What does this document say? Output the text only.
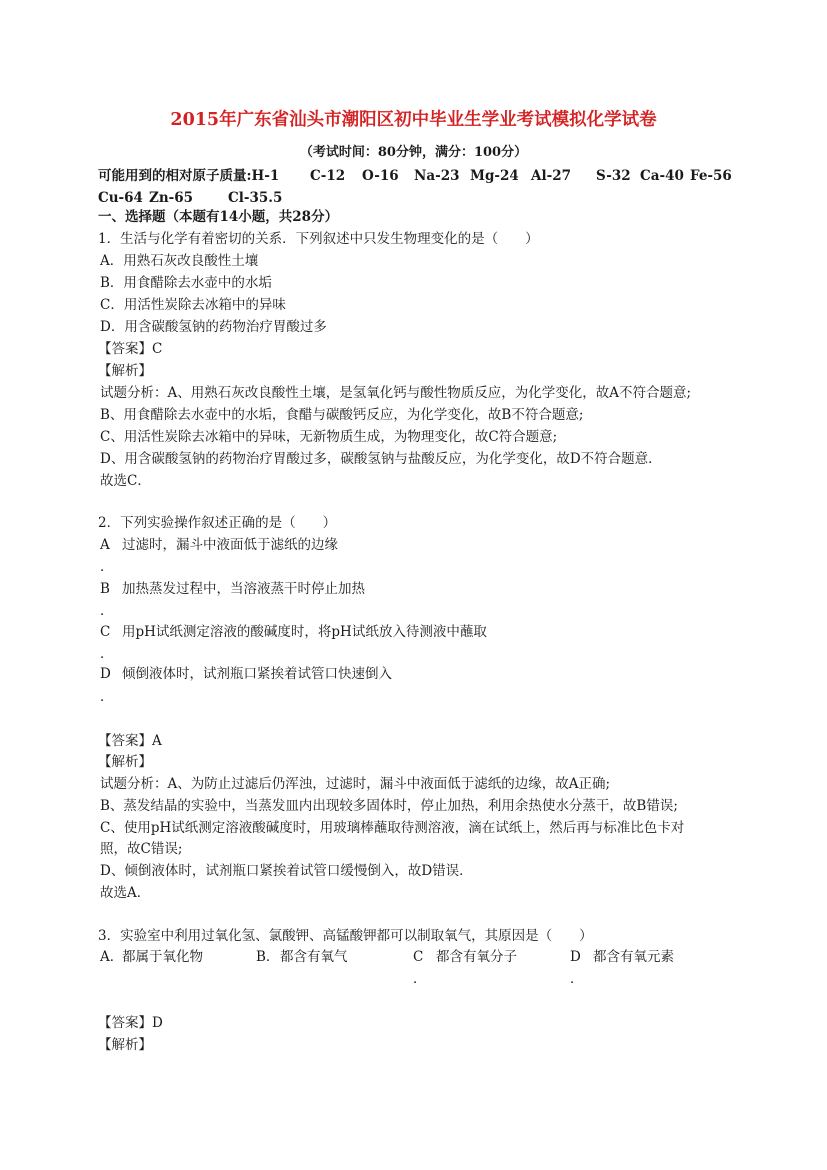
2015年广东省汕头市潮阳区初中毕业生学业考试模拟化学试卷
（考试时间：80分钟，满分：100分）
可能用到的相对原子质量:H-1 C-12 O-16 Na-23 Mg-24 Al-27 S-32 Ca-40 Fe-56
Cu-64 Zn-65	Cl-35.5
一、选择题（本题有14小题，共28分）
1．生活与化学有着密切的关系．下列叙述中只发生物理变化的是（　　）
A．用熟石灰改良酸性土壤
B．用食醋除去水壶中的水垢
C．用活性炭除去冰箱中的异味
D．用含碳酸氢钠的药物治疗胃酸过多
【答案】C
【解析】
试题分析：A、用熟石灰改良酸性土壤，是氢氧化钙与酸性物质反应，为化学变化，故A不符合题意;
B、用食醋除去水壶中的水垢，食醋与碳酸钙反应，为化学变化，故B不符合题意;
C、用活性炭除去冰箱中的异味，无新物质生成，为物理变化，故C符合题意;
D、用含碳酸氢钠的药物治疗胃酸过多，碳酸氢钠与盐酸反应，为化学变化，故D不符合题意．
故选C．
2．下列实验操作叙述正确的是（　　）
A 过滤时，漏斗中液面低于滤纸的边缘
．
B 加热蒸发过程中，当溶液蒸干时停止加热
．
C 用pH试纸测定溶液的酸碱度时，将pH试纸放入待测液中蘸取
．
D 倾倒液体时，试剂瓶口紧挨着试管口快速倒入
．
【答案】A
【解析】
试题分析：A、为防止过滤后仍浑浊，过滤时，漏斗中液面低于滤纸的边缘，故A正确;
B、蒸发结晶的实验中，当蒸发皿内出现较多固体时，停止加热，利用余热使水分蒸干，故B错误;
C、使用pH试纸测定溶液酸碱度时，用玻璃棒蘸取待测溶液，滴在试纸上，然后再与标准比色卡对
照，故C错误;
D、倾倒液体时，试剂瓶口紧挨着试管口缓慢倒入，故D错误．
故选A．
3．实验室中利用过氧化氢、氯酸钾、高锰酸钾都可以制取氧气，其原因是（　　）
A．
都属于氧化物	B． 都含有氧气	C 都含有氧分子
．
D 都含有氧元素
．
【答案】D
【解析】
